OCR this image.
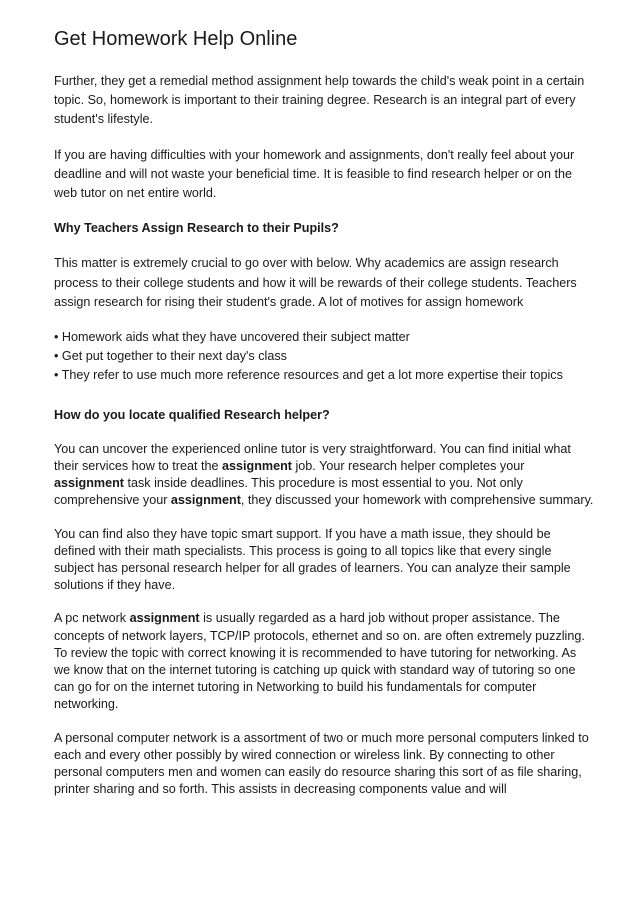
Get Homework Help Online

Further, they get a remedial method assignment help towards the child's weak point in a certain topic. So, homework is important to their training degree. Research is an integral part of every student's lifestyle.

If you are having difficulties with your homework and assignments, don't really feel about your deadline and will not waste your beneficial time. It is feasible to find research helper or on the web tutor on net entire world.

Why Teachers Assign Research to their Pupils?

This matter is extremely crucial to go over with below. Why academics are assign research process to their college students and how it will be rewards of their college students. Teachers assign research for rising their student's grade. A lot of motives for assign homework

• Homework aids what they have uncovered their subject matter
• Get put together to their next day's class
• They refer to use much more reference resources and get a lot more expertise their topics
How do you locate qualified Research helper?

You can uncover the experienced online tutor is very straightforward. You can find initial what their services how to treat the assignment job. Your research helper completes your assignment task inside deadlines. This procedure is most essential to you. Not only comprehensive your assignment, they discussed your homework with comprehensive summary.

You can find also they have topic smart support. If you have a math issue, they should be defined with their math specialists. This process is going to all topics like that every single subject has personal research helper for all grades of learners. You can analyze their sample solutions if they have.

A pc network assignment is usually regarded as a hard job without proper assistance. The concepts of network layers, TCP/IP protocols, ethernet and so on. are often extremely puzzling. To review the topic with correct knowing it is recommended to have tutoring for networking. As we know that on the internet tutoring is catching up quick with standard way of tutoring so one can go for on the internet tutoring in Networking to build his fundamentals for computer networking.

A personal computer network is a assortment of two or much more personal computers linked to each and every other possibly by wired connection or wireless link. By connecting to other personal computers men and women can easily do resource sharing this sort of as file sharing, printer sharing and so forth. This assists in decreasing components value and will
